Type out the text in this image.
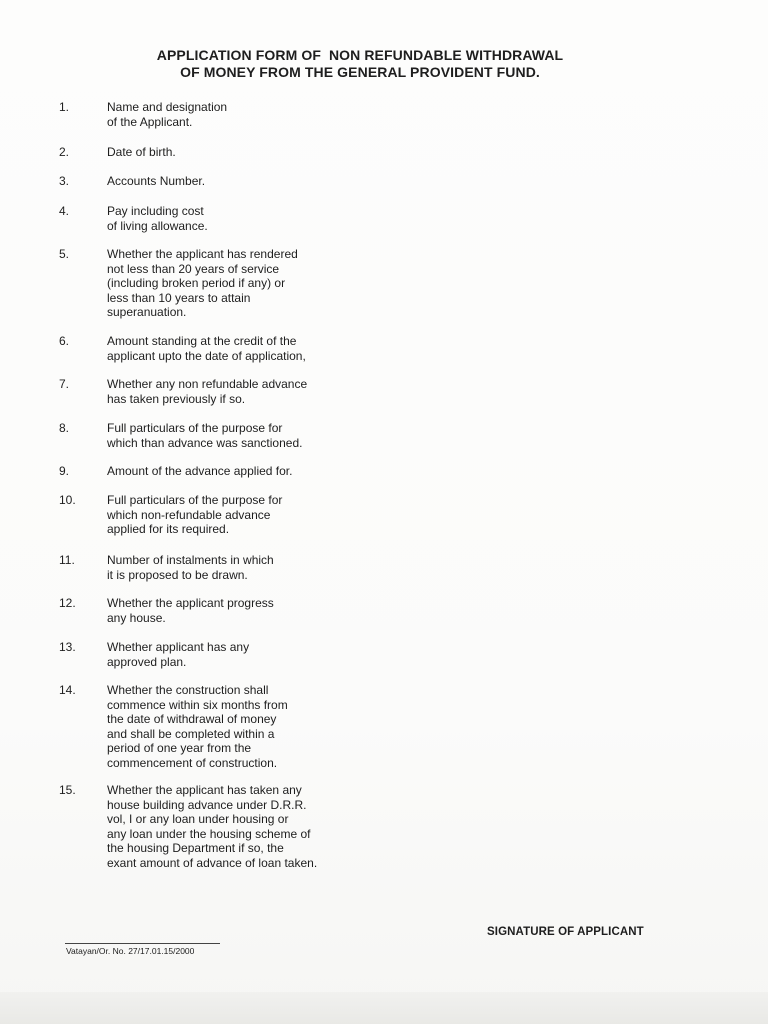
APPLICATION FORM OF  NON REFUNDABLE WITHDRAWAL
OF MONEY FROM THE GENERAL PROVIDENT FUND.
1.	Name and designation
of the Applicant.
2.	Date of birth.
3.	Accounts Number.
4.	Pay including cost
of living allowance.
5.	Whether the applicant has rendered
not less than 20 years of service
(including broken period if any) or
less than 10 years to attain
superanuation.
6.	Amount standing at the credit of the
applicant upto the date of application,
7.	Whether any non refundable advance
has taken previously if so.
8.	Full particulars of the purpose for
which than advance was sanctioned.
9.	Amount of the advance applied for.
10.	Full particulars of the purpose for
which non-refundable advance
applied for its required.
11.	Number of instalments in which
it is proposed to be drawn.
12.	Whether the applicant progress
any house.
13.	Whether applicant has any
approved plan.
14.	Whether the construction shall
commence within six months from
the date of withdrawal of money
and shall be completed within a
period of one year from the
commencement of construction.
15.	Whether the applicant has taken any
house building advance under D.R.R.
vol, I or any loan under housing or
any loan under the housing scheme of
the housing Department if so, the
exant amount of advance of loan taken.
SIGNATURE OF APPLICANT
Vatayan/Or. No. 27/17.01.15/2000
